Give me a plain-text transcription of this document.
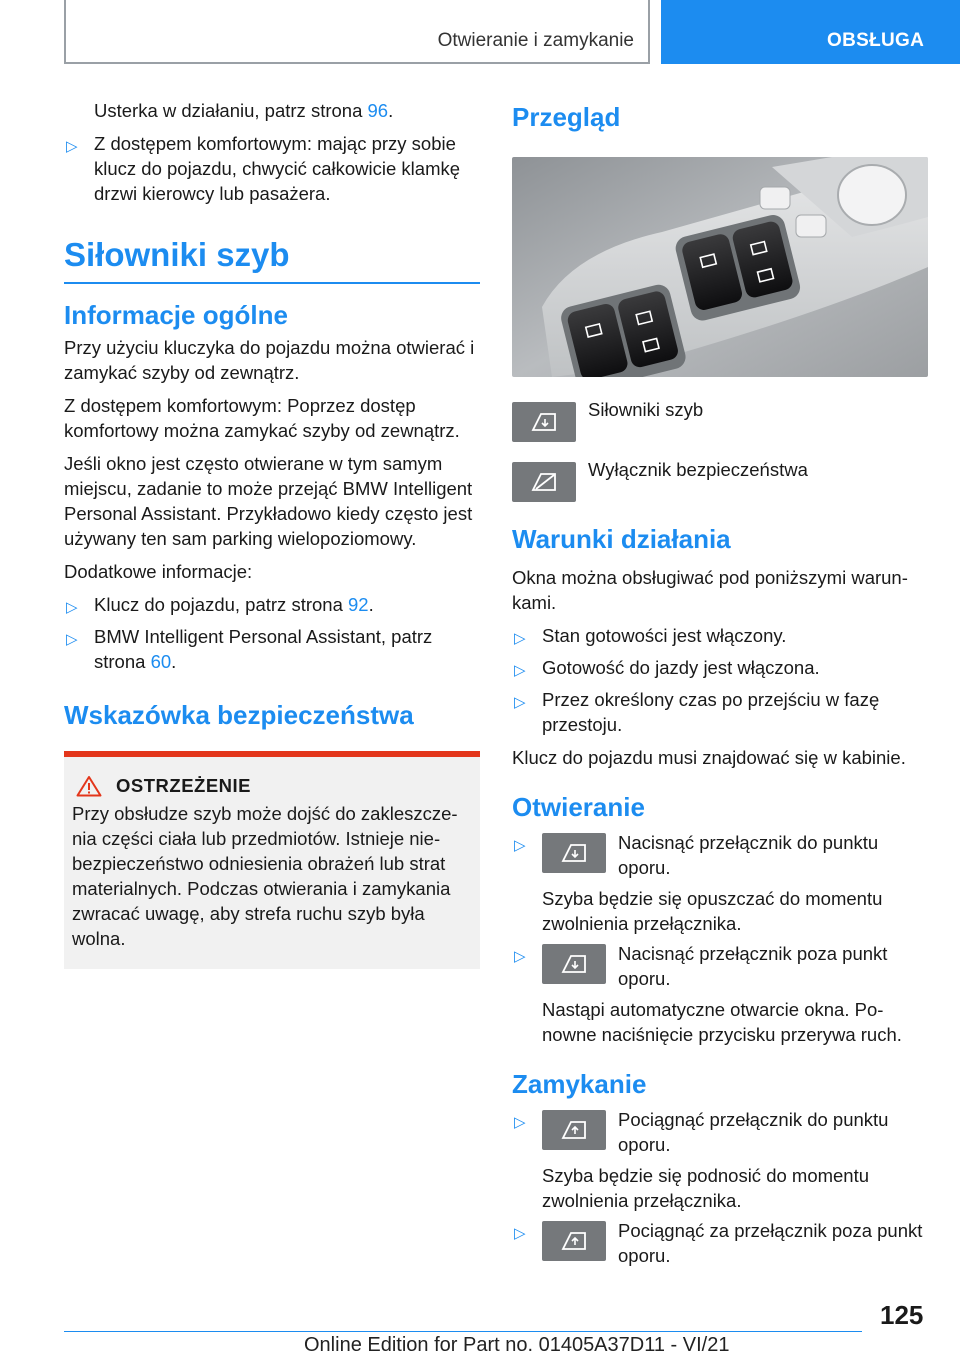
Otwieranie i zamykanie	OBSŁUGA

Usterka w działaniu, patrz strona 96.

▷ Z dostępem komfortowym: mając przy sobie klucz do pojazdu, chwycić całkowicie klamkę drzwi kierowcy lub pasażera.
Siłowniki szyb
Informacje ogólne

Przy użyciu kluczyka do pojazdu można otwierać i zamykać szyby od zewnątrz.

Z dostępem komfortowym: Poprzez dostęp komfortowy można zamykać szyby od zewnątrz.

Jeśli okno jest często otwierane w tym samym miejscu, zadanie to może przejąć BMW Intelligent Personal Assistant. Przykładowo kiedy często jest używany ten sam parking wielopoziomowy.

Dodatkowe informacje:

▷ Klucz do pojazdu, patrz strona 92.
▷ BMW Intelligent Personal Assistant, patrz strona 60.
Wskazówka bezpieczeństwa
OSTRZEŻENIE

Przy obsłudze szyb może dojść do zakleszczenia części ciała lub przedmiotów. Istnieje niebezpieczeństwo odniesienia obrażeń lub strat materialnych. Podczas otwierania i zamykania zwracać uwagę, aby strefa ruchu szyb była wolna.

Przegląd
Siłowniki szyb
Wyłącznik bezpieczeństwa
Warunki działania

Okna można obsługiwać pod poniższymi warunkami.

▷ Stan gotowości jest włączony.
▷ Gotowość do jazdy jest włączona.
▷ Przez określony czas po przejściu w fazę przestoju.

Klucz do pojazdu musi znajdować się w kabinie.

Otwieranie
▷	Nacisnąć przełącznik do punktu oporu.

Szyba będzie się opuszczać do momentu zwolnienia przełącznika.

▷	Nacisnąć przełącznik poza punkt oporu.

Nastąpi automatyczne otwarcie okna. Ponowne naciśnięcie przycisku przerywa ruch.

Zamykanie
▷	Pociągnąć przełącznik do punktu oporu.

Szyba będzie się podnosić do momentu zwolnienia przełącznika.

▷	Pociągnąć za przełącznik poza punkt oporu.
125
Online Edition for Part no. 01405A37D11 - VI/21
